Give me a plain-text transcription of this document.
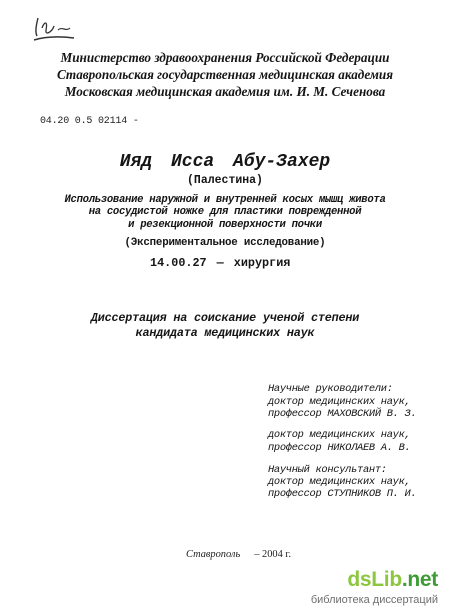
Министерство здравоохранения Российской Федерации
Ставропольская государственная медицинская академия
Московская медицинская академия им. И. М. Сеченова
04.20 0.5 02114 -
Ияд Исса Абу-Захер
(Палестина)
Использование наружной и внутренней косых мышц живота
на сосудистой ножке для пластики поврежденной
и резекционной поверхности почки
(Экспериментальное исследование)
14.00.27 — хирургия
Диссертация на соискание ученой степени
кандидата медицинских наук
Научные руководители:
доктор медицинских наук,
профессор МАХОВСКИЙ В. З.
доктор медицинских наук,
профессор НИКОЛАЕВ А. В.
Научный консультант:
доктор медицинских наук,
профессор СТУПНИКОВ П. И.
Ставрополь – 2004 г.
dsLib.net
библиотека диссертаций
